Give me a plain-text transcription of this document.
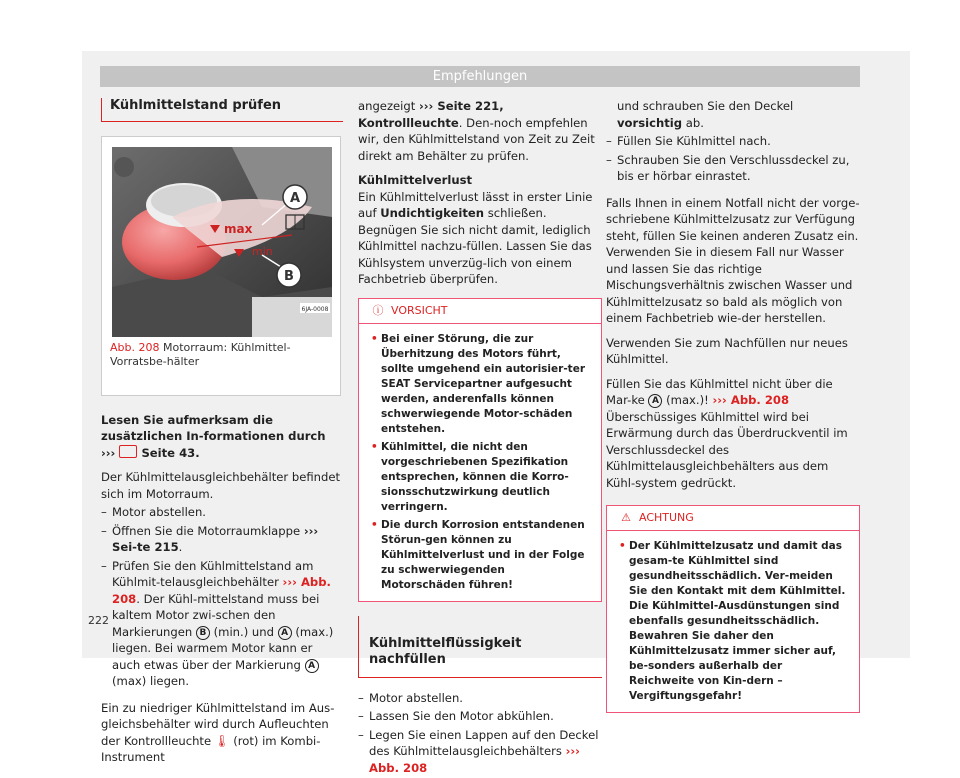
Empfehlungen
Kühlmittelstand prüfen
max
min
A
B
6JA-0008
Abb. 208 Motorraum: Kühlmittel-Vorratsbe-hälter

Lesen Sie aufmerksam die zusätzlichen In-formationen durch ››› Seite 43.

Der Kühlmittelausgleichbehälter befindet sich im Motorraum.

– Motor abstellen.

– Öffnen Sie die Motorraumklappe ››› Sei-te 215.

– Prüfen Sie den Kühlmittelstand am Kühlmit-telausgleichbehälter ››› Abb. 208. Der Kühl-mittelstand muss bei kaltem Motor zwi-schen den Markierungen B (min.) und A (max.) liegen. Bei warmem Motor kann er auch etwas über der Markierung A (max) liegen.

Ein zu niedriger Kühlmittelstand im Aus-gleichsbehälter wird durch Aufleuchten der Kontrollleuchte 🌡 (rot) im Kombi-Instrument

angezeigt ››› Seite 221, Kontrollleuchte. Den-noch empfehlen wir, den Kühlmittelstand von Zeit zu Zeit direkt am Behälter zu prüfen.

Kühlmittelverlust

Ein Kühlmittelverlust lässt in erster Linie auf Undichtigkeiten schließen. Begnügen Sie sich nicht damit, lediglich Kühlmittel nachzu-füllen. Lassen Sie das Kühlsystem unverzüg-lich von einem Fachbetrieb überprüfen.

ⓘ VORSICHT
• Bei einer Störung, die zur Überhitzung des Motors führt, sollte umgehend ein autorisier-ter SEAT Servicepartner aufgesucht werden, anderenfalls können schwerwiegende Motor-schäden entstehen.
• Kühlmittel, die nicht den vorgeschriebenen Spezifikation entsprechen, können die Korro-sionsschutzwirkung deutlich verringern.
• Die durch Korrosion entstandenen Störun-gen können zu Kühlmittelverlust und in der Folge zu schwerwiegenden Motorschäden führen!
Kühlmittelflüssigkeit nachfüllen

– Motor abstellen.

– Lassen Sie den Motor abkühlen.

– Legen Sie einen Lappen auf den Deckel des Kühlmittelausgleichbehälters ››› Abb. 208

und schrauben Sie den Deckel vorsichtig ab.

– Füllen Sie Kühlmittel nach.

– Schrauben Sie den Verschlussdeckel zu, bis er hörbar einrastet.

Falls Ihnen in einem Notfall nicht der vorge-schriebene Kühlmittelzusatz zur Verfügung steht, füllen Sie keinen anderen Zusatz ein. Verwenden Sie in diesem Fall nur Wasser und lassen Sie das richtige Mischungsverhältnis zwischen Wasser und Kühlmittelzusatz so bald als möglich von einem Fachbetrieb wie-der herstellen.

Verwenden Sie zum Nachfüllen nur neues Kühlmittel.

Füllen Sie das Kühlmittel nicht über die Mar-ke A (max.)! ››› Abb. 208 Überschüssiges Kühlmittel wird bei Erwärmung durch das Überdruckventil im Verschlussdeckel des Kühlmittelausgleichbehälters aus dem Kühl-system gedrückt.

⚠ ACHTUNG
• Der Kühlmittelzusatz und damit das gesam-te Kühlmittel sind gesundheitsschädlich. Ver-meiden Sie den Kontakt mit dem Kühlmittel. Die Kühlmittel-Ausdünstungen sind ebenfalls gesundheitsschädlich. Bewahren Sie daher den Kühlmittelzusatz immer sicher auf, be-sonders außerhalb der Reichweite von Kin-dern – Vergiftungsgefahr!
222
